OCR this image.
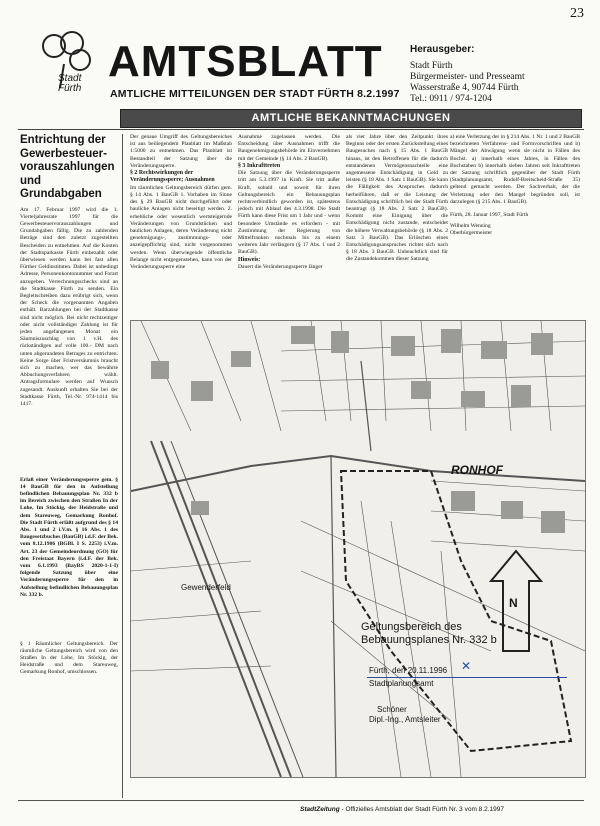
23
Stadt
Fürth
AMTSBLATT
AMTLICHE MITTEILUNGEN DER STADT FÜRTH 8.2.1997
Herausgeber:
Stadt Fürth
Bürgermeister- und Presseamt
Wasserstraße 4, 90744 Fürth
Tel.: 0911 / 974-1204
AMTLICHE BEKANNTMACHUNGEN
Entrichtung der Gewerbesteuer-vorauszahlungen und Grundabgaben
Am 17. Februar 1997 wird die 1. Vierteljahresrate 1997 für die Gewerbesteuervorauszahlungen und Grundabgaben fällig. Die zu zahlenden Beträge sind den zuletzt zugestellten Bescheiden zu entnehmen. Auf die Konten der Stadtsparkasse Fürth einbezahlt oder überwiesen werden kann bei fast allen Fürther Geldinstituten. Dabei ist unbedingt Adresse, Personenkontonummer und Forart anzugeben. Verrechnungsschecks sind an die Stadtkasse Fürth zu senden. Ein Begleitschreiben dazu erübrigt sich, wenn der Scheck die vorgenannten Angaben enthält. Barzahlungen bei der Stadtkasse sind nicht möglich. Bei nicht rechtzeitiger oder nicht vollständiger Zahlung ist für jeden angefangenen Monat ein Säumniszuschlag von 1 v.H. des rückständigen auf volle 100.- DM nach unten abgerundeten Betrages zu entrichten. Keine Sorge über Fristversäumnis braucht sich zu machen, wer das bewährte Abbuchungsverfahren wählt. Antragsformulare werden auf Wunsch zugesandt. Auskunft erhalten Sie bei der Stadtkasse Fürth, Tel.-Nr. 974-1414 bis 1417.
Erlaß einer Veränderungssperre gem. § 14 BauGB für den in Aufstellung befindlichen Bebauungsplan Nr. 332 b im Bereich zwischen den Straßen In der Lohe, Im Stöckig, der Heidstraße und dem Stareuweg, Gemarkung Ronhof. Die Stadt Fürth erläßt aufgrund des § 14 Abs. 1 und 2 i.V.m. § 16 Abs. 1 des Baugesetzbuches (BauGB) i.d.F. der Bek. vom 8.12.1986 (BGBl. I S. 2253) i.V.m. Art. 23 der Gemeindeordnung (GO) für den Freistaat Bayern (i.d.F. der Bek. vom 6.1.1993 (BayRS 2020-1-1-I) folgende Satzung über eine Veränderungssperre für den in Aufstellung befindlichen Bebauungsplan Nr. 332 b.
§ 1 Räumlicher Geltungsbereich. Der räumliche Geltungsbereich wird von den Straßen In der Lohe, Im Stöckig, der Heidstraße und dem Stareuweg, Gemarkung Ronhof, umschlossen.
Der genaue Umgriff des Geltungsbereiches ist aus beiliegendem Planblatt im Maßstab 1:5000 zu entnehmen. Das Planblatt ist Bestandteil der Satzung über die Veränderungssperre.
§ 2 Rechtswirkungen der Veränderungssperre; Ausnahmen
Im räumlichen Geltungsbereich dürfen gem. § 14 Abs. 1 BauGB 1. Vorhaben im Sinne des § 29 BauGB nicht durchgeführt oder bauliche Anlagen nicht beseitigt werden. 2. erhebliche oder wesentlich wertsteigernde Veränderungen von Grundstücken und baulichen Anlagen, deren Veränderung nicht genehmigungs-, zustimmungs- oder anzeigepflichtig sind, nicht vorgenommen werden. Wenn überwiegende öffentliche Belange nicht entgegenstehen, kann von der Veränderungssperre eine
Ausnahme zugelassen werden. Die Entscheidung über Ausnahmen trifft die Baugenehmigungsbehörde im Einvernehmen mit der Gemeinde (§ 14 Abs. 2 BauGB).
§ 3 Inkrafttreten
Die Satzung über die Veränderungssperre tritt am 5.3.1997 in Kraft. Sie tritt außer Kraft, sobald und soweit für ihren Geltungsbereich ein Bebauungsplan rechtsverbindlich geworden ist, spätestens jedoch mit Ablauf des 4.3.1998. Die Stadt Fürth kann diese Frist um 1 Jahr und - wenn besondere Umstände es erfordern - mit Zustimmung der Regierung von Mittelfranken nochmals bis zu einem weiteren Jahr verlängern (§ 17 Abs. 1 und 2 BauGB).
Hinweis:
Dauert die Veränderungssperre länger
als vier Jahre über den Zeitpunkt ihres Beginns oder der ersten Zurückstellung eines Baugesuches nach § 15 Abs. 1 BauGB hinaus, ist den Betroffenen für die dadurch entstandenen Vermögensnachteile eine angemessene Entschädigung in Geld zu leisten (§ 18 Abs. 1 Satz 1 BauGB). Sie kann die Fälligkeit des Anspruches dadurch herbeiführen, daß er die Leistung der Entschädigung schriftlich bei der Stadt Fürth beantragt (§ 18 Abs. 2 Satz 2 BauGB). Kommt eine Einigung über die Entschädigung nicht zustande, entscheidet die höhere Verwaltungsbehörde (§ 18 Abs. 2 Satz 3 BauGB). Das Erlöschen eines Entschädigungsanspruches richtet sich nach § 18 Abs. 3 BauGB. Unbeachtlich sind für die Zustandekommen dieser Satzung
a) eine Verletzung der in § 214 Abs. 1 Nr. 1 und 2 BauGB bezeichneten Verfahrens- und Formvorschriften und b) Mängel der Abwägung wenn sie nicht in Fällen des Buchst. a) innerhalb eines Jahres, in Fällen des Buchstaben b) innerhalb sieben Jahren seit Inkrafttreten der Satzung schriftlich gegenüber der Stadt Fürth (Stadtplanungsamt, Rudolf-Breitscheid-Straße 35) geltend gemacht werden. Der Sachverhalt, der die Verletzung oder den Mangel begründen soll, ist darzulegen (§ 215 Abs. 1 BauGB).
Fürth, 28. Januar 1997, Stadt Fürth
Wilhelm Wenning
Oberbürgermeister
RONHOF
Gewenderfeld
N
Geltungsbereich des
Bebauungsplanes Nr. 332 b
Fürth, den 20.11.1996 ✕
Stadtplanungsamt
Schöner
Dipl.-Ing., Amtsleiter
StadtZeitung - Offizielles Amtsblatt der Stadt Fürth Nr. 3 vom 8.2.1997
